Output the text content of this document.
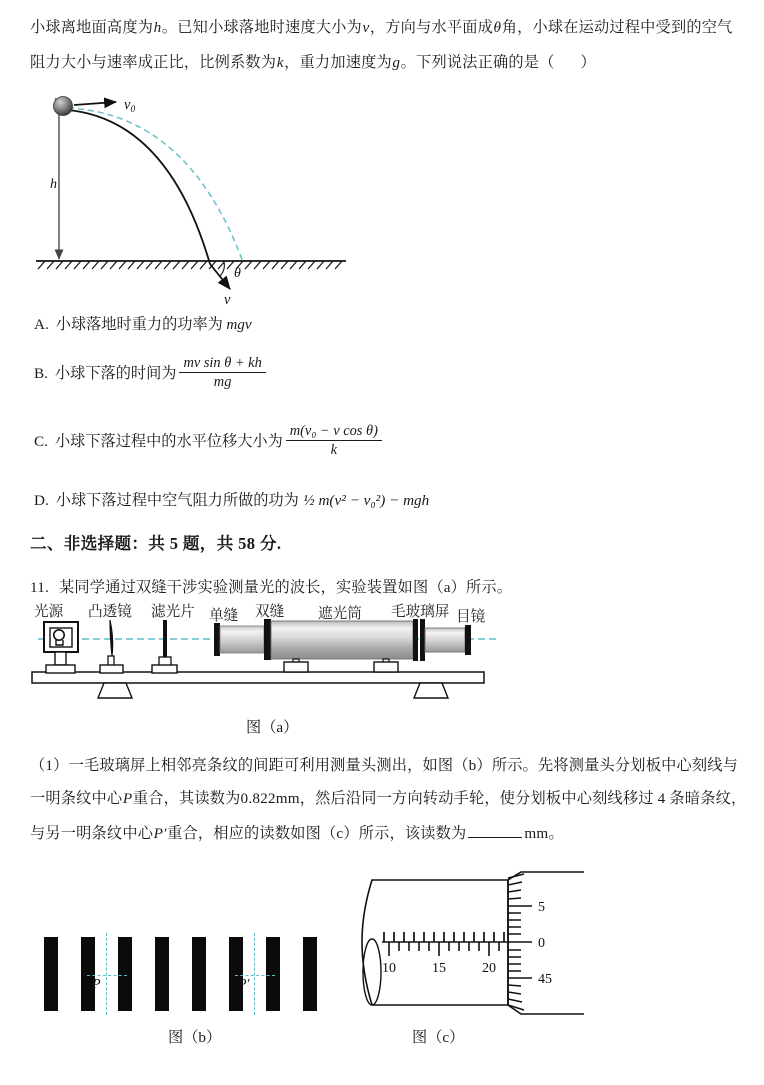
小球离地面高度为h。已知小球落地时速度大小为v，方向与水平面成θ角，小球在运动过程中受到的空气
阻力大小与速率成正比，比例系数为k，重力加速度为g。下列说法正确的是（ ）
h
$v_0$
v
θ
A. 小球落地时重力的功率为 mgv
B. 小球下落的时间为 $\frac{\text{mv sin θ + kh}}{mg}$
C. 小球下落过程中的水平位移大小为 $\frac{\text{m(v₀ − v cos θ)}}{k}$
D. 小球下落过程中空气阻力所做的功为 ½ m(v² − v₀²) − mgh
二、非选择题：共 5 题，共 58 分.
11. 某同学通过双缝干涉实验测量光的波长，实验装置如图（a）所示。
光源 凸透镜 滤光片 单缝 双缝 遮光筒 毛玻璃屏 目镜
图（a）
（1）一毛玻璃屏上相邻亮条纹的间距可利用测量头测出，如图（b）所示。先将测量头分划板中心刻线与
一明条纹中心P重合，其读数为0.822mm，然后沿同一方向转动手轮，使分划板中心刻线移过 4 条暗条纹，
与另一明条纹中心P′重合，相应的读数如图（c）所示，该读数为	mm。
P	P′
图（b）
10	15	20
5
0
45
图（c）
